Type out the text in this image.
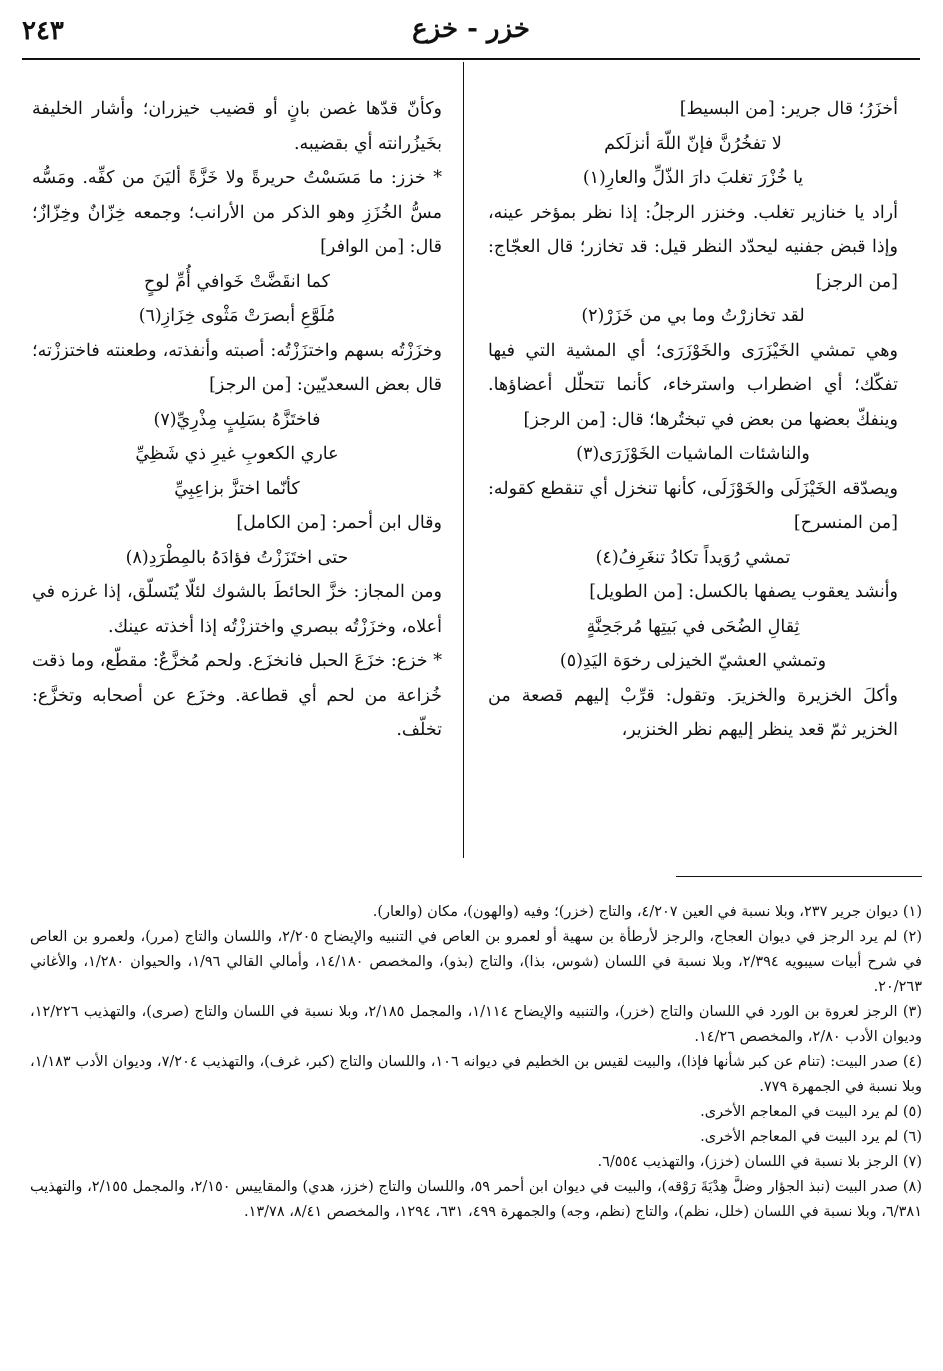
٢٤٣	خزر - خزع

أخزَرُ؛ قال جرير: [من البسيط]

لا تفخُرُنَّ فإنّ اللّهَ أنزلَكم

يا خُزْرَ تغلبَ دارَ الذّلِّ والعارِ(١)

أراد يا خنازير تغلب. وخنزر الرجلُ: إذا نظر بمؤخر عينه، وإذا قبض جفنيه ليحدّد النظر قيل: قد تخازر؛ قال العجّاج: [من الرجز]

لقد تخازرْتُ وما بي من خَزَرْ(٢)

وهي تمشي الخَيْزَرَى والخَوْزَرَى؛ أي المشية التي فيها تفكّك؛ أي اضطراب واسترخاء، كأنما تتحلّل أعضاؤها. وينفكّ بعضها من بعض في تبختُرها؛ قال: [من الرجز]

والناشئات الماشيات الخَوْزَرَى(٣)

ويصدّقه الخَيْزَلَى والخَوْزَلَى، كأنها تنخزل أي تنقطع كقوله: [من المنسرح]

تمشي رُوَيداً تكادُ تنغَرِفُ(٤)

وأنشد يعقوب يصفها بالكسل: [من الطويل]

ثِقالِ الضُحَى في بَيتِها مُرجَحِنَّةٍ

وتمشي العشيّ الخيزلى رخوَة اليَدِ(٥)

وأكلَ الخزيرة والخزيرَ. وتقول: قرِّبْ إليهم قصعة من الخزير ثمّ قعد ينظر إليهم نظر الخنزير،

وكأنّ قدّها غصن بانٍ أو قضيب خيزران؛ وأشار الخليفة بخَيزُرانته أي بقضيبه.

* خزز: ما مَسَسْتُ حريرةً ولا خَزَّةً أليَنَ من كفِّه. ومَسُّه مسُّ الخُزَزِ وهو الذكر من الأرانب؛ وجمعه خِزّانٌ وخِزّازٌ؛ قال: [من الوافر]

كما انقَضَّتْ خَوافي أُمِّ لوحٍ

مُلَوَّعِ أبصرَتْ مَثْوى خِزَازِ(٦)

وخزَزْتُه بسهم واختزَزْتُه: أصبته وأنفذته، وطعنته فاختززْته؛ قال بعض السعديّين: [من الرجز]

فاختَزَّهُ بسَلِبٍ مِذْرِيِّ(٧)

عاري الكعوبِ غيرِ ذي شَظِيِّ

كأنّما اختزَّ بزاعِبِيِّ

وقال ابن أحمر: [من الكامل]

حتى اختَزَزْتُ فؤادَهُ بالمِطْرَدِ(٨)

ومن المجاز: خزَّ الحائطَ بالشوك لئلّا يُتَسلّق، إذا غرزه في أعلاه، وخزَزْتُه ببصري واختززْتُه إذا أخذته عينك.

* خزع: خزَعَ الحبل فانخزَع. ولحم مُخزَّعٌ: مقطّع، وما ذقت خُزاعة من لحم أي قطاعة. وخزَع عن أصحابه وتخزَّع: تخلّف.

(١) ديوان جرير ٢٣٧، وبلا نسبة في العين ٤/٢٠٧، والتاج (خزر)؛ وفيه (والهون)، مكان (والعار).

(٢) لم يرد الرجز في ديوان العجاج، والرجز لأرطأة بن سهية أو لعمرو بن العاص في التنبيه والإيضاح ٢/٢٠٥، واللسان والتاج (مرر)، ولعمرو بن العاص في شرح أبيات سيبويه ٢/٣٩٤، وبلا نسبة في اللسان (شوس، بذا)، والتاج (بذو)، والمخصص ١٤/١٨٠، وأمالي القالي ١/٩٦، والحيوان ١/٢٨٠، والأغاني ٢٠/٢٦٣.

(٣) الرجز لعروة بن الورد في اللسان والتاج (خزر)، والتنبيه والإيضاح ١/١١٤، والمجمل ٢/١٨٥، وبلا نسبة في اللسان والتاج (صرى)، والتهذيب ١٢/٢٢٦، وديوان الأدب ٢/٨٠، والمخصص ١٤/٢٦.

(٤) صدر البيت: (تنام عن كبر شأنها فإذا)، والبيت لقيس بن الخطيم في ديوانه ١٠٦، واللسان والتاج (كبر، غرف)، والتهذيب ٧/٢٠٤، وديوان الأدب ١/١٨٣، وبلا نسبة في الجمهرة ٧٧٩.

(٥) لم يرد البيت في المعاجم الأخرى.

(٦) لم يرد البيت في المعاجم الأخرى.

(٧) الرجز بلا نسبة في اللسان (خزز)، والتهذيب ٦/٥٥٤.

(٨) صدر البيت (نبذ الجؤار وضلَّ هِدْيَةَ رَوْقه)، والبيت في ديوان ابن أحمر ٥٩، واللسان والتاج (خزز، هدي) والمقاييس ٢/١٥٠، والمجمل ٢/١٥٥، والتهذيب ٦/٣٨١، وبلا نسبة في اللسان (خلل، نظم)، والتاج (نظم، وجه) والجمهرة ٤٩٩، ٦٣١، ١٢٩٤، والمخصص ٨/٤١، ١٣/٧٨.
